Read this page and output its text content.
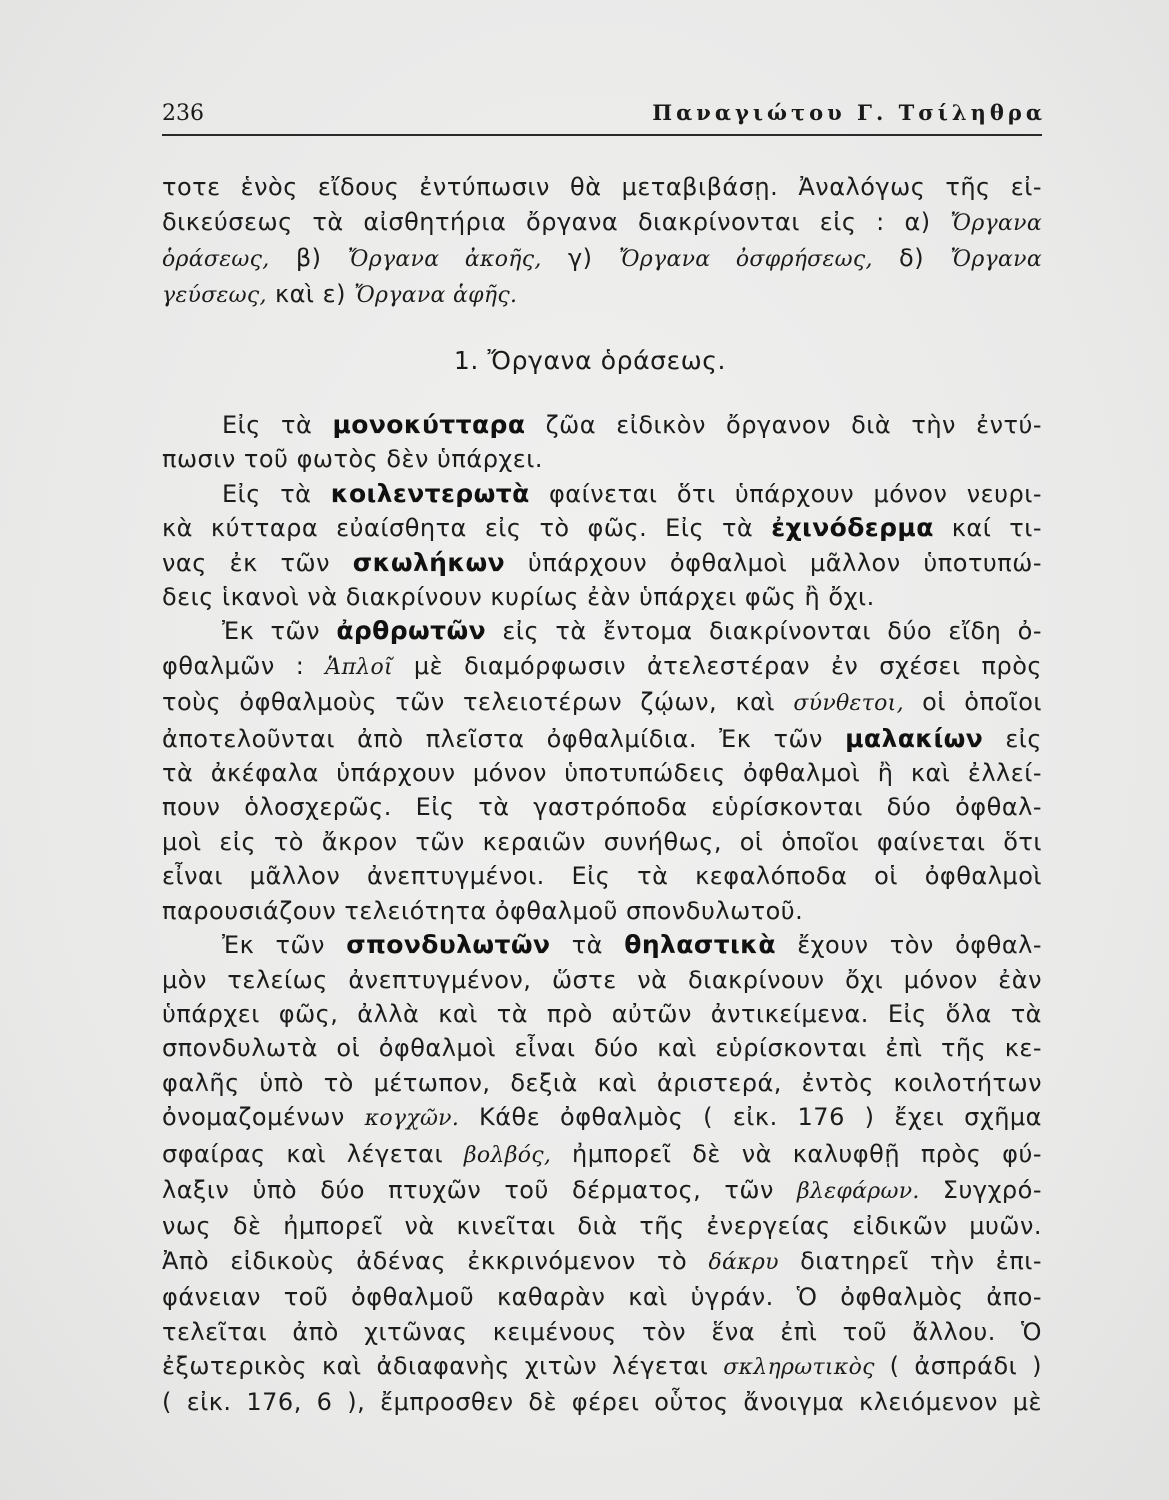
236	Παναγιώτου Γ. Τσίληθρα
τοτε ἑνὸς εἴδους ἐντύπωσιν θὰ μεταβιβάσῃ. Ἀναλόγως τῆς εἰ-
δικεύσεως τὰ αἰσθητήρια ὄργανα διακρίνονται εἰς : α) Ὄργανα
ὁράσεως, β) Ὄργανα ἀκοῆς, γ) Ὄργανα ὀσφρήσεως, δ) Ὄργανα
γεύσεως, καὶ ε) Ὄργανα ἁφῆς.
1. Ὄργανα ὁράσεως.
Εἰς τὰ μονοκύτταρα ζῶα εἰδικὸν ὄργανον διὰ τὴν ἐντύ-
πωσιν τοῦ φωτὸς δὲν ὑπάρχει.
Εἰς τὰ κοιλεντερωτὰ φαίνεται ὅτι ὑπάρχουν μόνον νευρι-
κὰ κύτταρα εὐαίσθητα εἰς τὸ φῶς. Εἰς τὰ ἐχινόδερμα καί τι-
νας ἐκ τῶν σκωλήκων ὑπάρχουν ὀφθαλμοὶ μᾶλλον ὑποτυπώ-
δεις ἱκανοὶ νὰ διακρίνουν κυρίως ἐὰν ὑπάρχει φῶς ἢ ὄχι.
Ἐκ τῶν ἀρθρωτῶν εἰς τὰ ἔντομα διακρίνονται δύο εἴδη ὀ-
φθαλμῶν : Ἁπλοῖ μὲ διαμόρφωσιν ἀτελεστέραν ἐν σχέσει πρὸς
τοὺς ὀφθαλμοὺς τῶν τελειοτέρων ζῴων, καὶ σύνθετοι, οἱ ὁποῖοι
ἀποτελοῦνται ἀπὸ πλεῖστα ὀφθαλμίδια. Ἐκ τῶν μαλακίων εἰς
τὰ ἀκέφαλα ὑπάρχουν μόνον ὑποτυπώδεις ὀφθαλμοὶ ἢ καὶ ἐλλεί-
πουν ὁλοσχερῶς. Εἰς τὰ γαστρόποδα εὑρίσκονται δύο ὀφθαλ-
μοὶ εἰς τὸ ἄκρον τῶν κεραιῶν συνήθως, οἱ ὁποῖοι φαίνεται ὅτι
εἶναι μᾶλλον ἀνεπτυγμένοι. Εἰς τὰ κεφαλόποδα οἱ ὀφθαλμοὶ
παρουσιάζουν τελειότητα ὀφθαλμοῦ σπονδυλωτοῦ.
Ἐκ τῶν σπονδυλωτῶν τὰ θηλαστικὰ ἔχουν τὸν ὀφθαλ-
μὸν τελείως ἀνεπτυγμένον, ὥστε νὰ διακρίνουν ὄχι μόνον ἐὰν
ὑπάρχει φῶς, ἀλλὰ καὶ τὰ πρὸ αὐτῶν ἀντικείμενα. Εἰς ὅλα τὰ
σπονδυλωτὰ οἱ ὀφθαλμοὶ εἶναι δύο καὶ εὑρίσκονται ἐπὶ τῆς κε-
φαλῆς ὑπὸ τὸ μέτωπον, δεξιὰ καὶ ἀριστερά, ἐντὸς κοιλοτήτων
ὀνομαζομένων κογχῶν. Κάθε ὀφθαλμὸς ( εἰκ. 176 ) ἔχει σχῆμα
σφαίρας καὶ λέγεται βολβός, ἠμπορεῖ δὲ νὰ καλυφθῇ πρὸς φύ-
λαξιν ὑπὸ δύο πτυχῶν τοῦ δέρματος, τῶν βλεφάρων. Συγχρό-
νως δὲ ἠμπορεῖ νὰ κινεῖται διὰ τῆς ἐνεργείας εἰδικῶν μυῶν.
Ἀπὸ εἰδικοὺς ἀδένας ἐκκρινόμενον τὸ δάκρυ διατηρεῖ τὴν ἐπι-
φάνειαν τοῦ ὀφθαλμοῦ καθαρὰν καὶ ὑγράν. Ὁ ὀφθαλμὸς ἀπο-
τελεῖται ἀπὸ χιτῶνας κειμένους τὸν ἕνα ἐπὶ τοῦ ἄλλου. Ὁ
ἐξωτερικὸς καὶ ἀδιαφανὴς χιτὼν λέγεται σκληρωτικὸς ( ἀσπράδι )
( εἰκ. 176, 6 ), ἔμπροσθεν δὲ φέρει οὗτος ἄνοιγμα κλειόμενον μὲ
